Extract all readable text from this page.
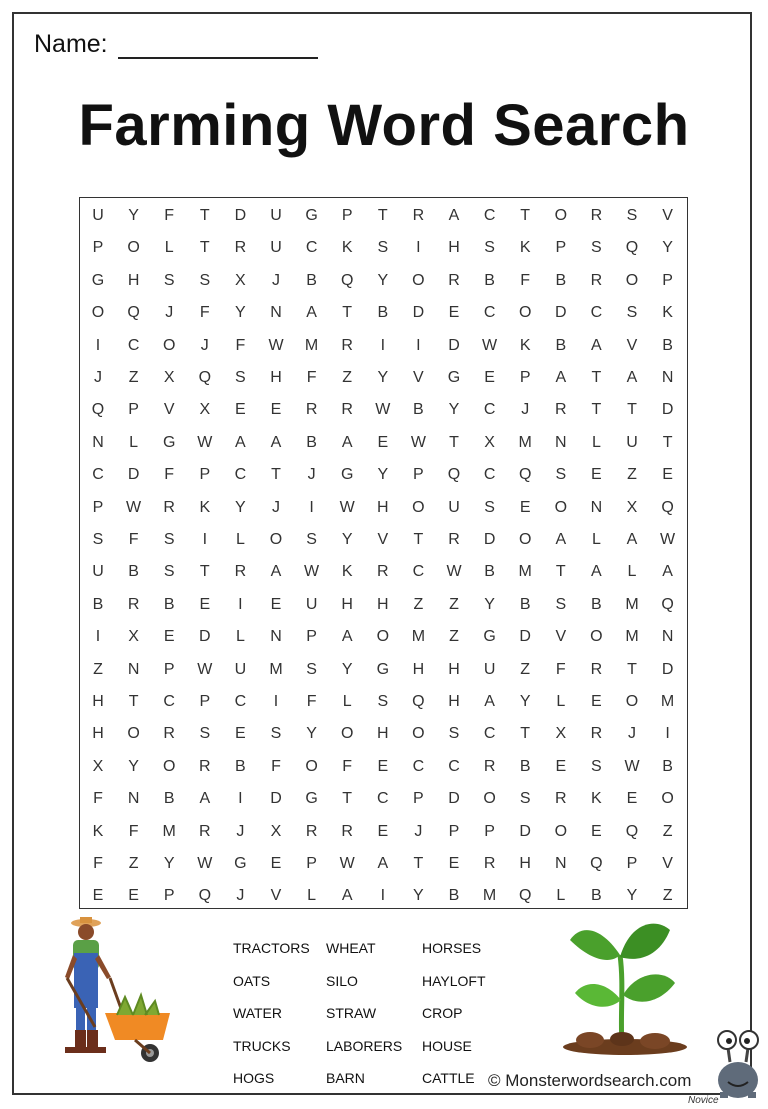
Name:
Farming Word Search
U	Y	F	T	D	U	G	P	T	R	A	C	T	O	R	S	V
P	O	L	T	R	U	C	K	S	I	H	S	K	P	S	Q	Y
G	H	S	S	X	J	B	Q	Y	O	R	B	F	B	R	O	P
O	Q	J	F	Y	N	A	T	B	D	E	C	O	D	C	S	K
I	C	O	J	F	W	M	R	I	I	D	W	K	B	A	V	B
J	Z	X	Q	S	H	F	Z	Y	V	G	E	P	A	T	A	N
Q	P	V	X	E	E	R	R	W	B	Y	C	J	R	T	T	D
N	L	G	W	A	A	B	A	E	W	T	X	M	N	L	U	T
C	D	F	P	C	T	J	G	Y	P	Q	C	Q	S	E	Z	E
P	W	R	K	Y	J	I	W	H	O	U	S	E	O	N	X	Q
S	F	S	I	L	O	S	Y	V	T	R	D	O	A	L	A	W
U	B	S	T	R	A	W	K	R	C	W	B	M	T	A	L	A
B	R	B	E	I	E	U	H	H	Z	Z	Y	B	S	B	M	Q
I	X	E	D	L	N	P	A	O	M	Z	G	D	V	O	M	N
Z	N	P	W	U	M	S	Y	G	H	H	U	Z	F	R	T	D
H	T	C	P	C	I	F	L	S	Q	H	A	Y	L	E	O	M
H	O	R	S	E	S	Y	O	H	O	S	C	T	X	R	J	I
X	Y	O	R	B	F	O	F	E	C	C	R	B	E	S	W	B
F	N	B	A	I	D	G	T	C	P	D	O	S	R	K	E	O
K	F	M	R	J	X	R	R	E	J	P	P	D	O	E	Q	Z
F	Z	Y	W	G	E	P	W	A	T	E	R	H	N	Q	P	V
E	E	P	Q	J	V	L	A	I	Y	B	M	Q	L	B	Y	Z
TRACTORS WHEAT	HORSES
OATS	SILO	HAYLOFT
WATER	STRAW	CROP
TRUCKS	LABORERS HOUSE
HOGS	BARN	CATTLE © Monsterwordsearch.com
Novice
